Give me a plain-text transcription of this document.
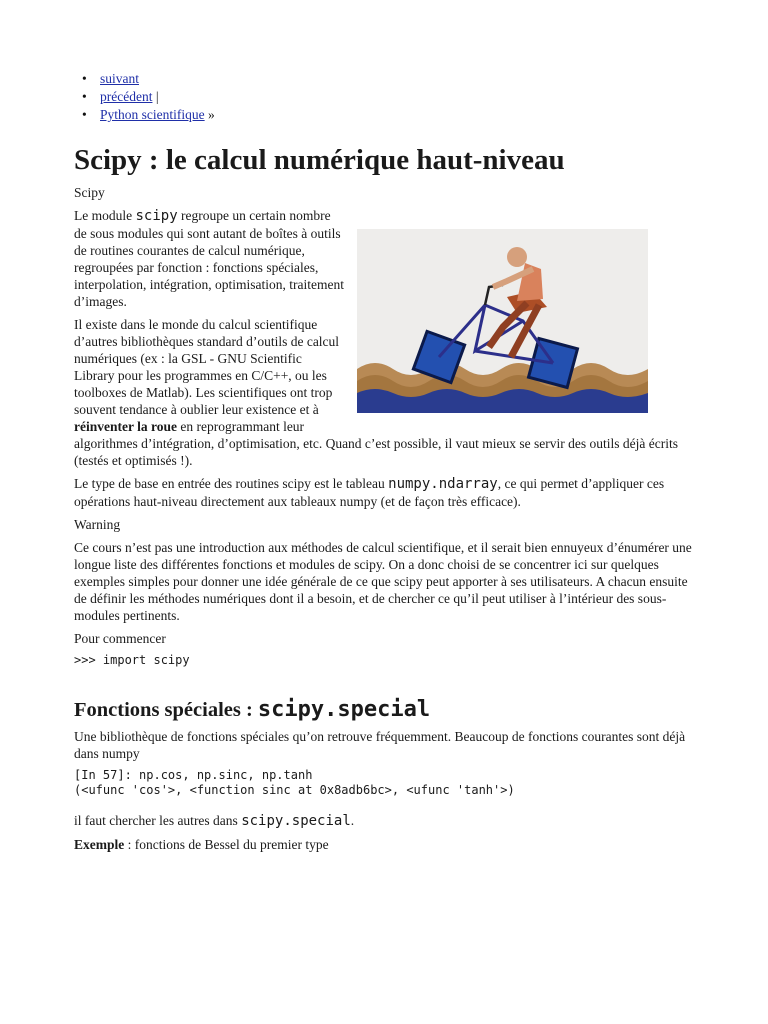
• suivant
• précédent |
• Python scientifique »
Scipy : le calcul numérique haut-niveau

Scipy

Le module scipy regroupe un certain nombre de sous modules qui sont autant de boîtes à outils de routines courantes de calcul numérique, regroupées par fonction : fonctions spéciales, interpolation, intégration, optimisation, traitement d’images.

Il existe dans le monde du calcul scientifique d’autres bibliothèques standard d’outils de calcul numériques (ex : la GSL - GNU Scientific Library pour les programmes en C/C++, ou les toolboxes de Matlab). Les scientifiques ont trop souvent tendance à oublier leur existence et à réinventer la roue en reprogrammant leur algorithmes d’intégration, d’optimisation, etc. Quand c’est possible, il vaut mieux se servir des outils déjà écrits (testés et optimisés !).

Le type de base en entrée des routines scipy est le tableau numpy.ndarray, ce qui permet d’appliquer ces opérations haut-niveau directement aux tableaux numpy (et de façon très efficace).

Warning

Ce cours n’est pas une introduction aux méthodes de calcul scientifique, et il serait bien ennuyeux d’énumérer une longue liste des différentes fonctions et modules de scipy. On a donc choisi de se concentrer ici sur quelques exemples simples pour donner une idée générale de ce que scipy peut apporter à ses utilisateurs. A chacun ensuite de définir les méthodes numériques dont il a besoin, et de chercher ce qu’il peut utiliser à l’intérieur des sous-modules pertinents.

Pour commencer

>>> import scipy
Fonctions spéciales : scipy.special

Une bibliothèque de fonctions spéciales qu’on retrouve fréquemment. Beaucoup de fonctions courantes sont déjà dans numpy

[In 57]: np.cos, np.sinc, np.tanh
(<ufunc 'cos'>, <function sinc at 0x8adb6bc>, <ufunc 'tanh'>)

il faut chercher les autres dans scipy.special.

Exemple : fonctions de Bessel du premier type
